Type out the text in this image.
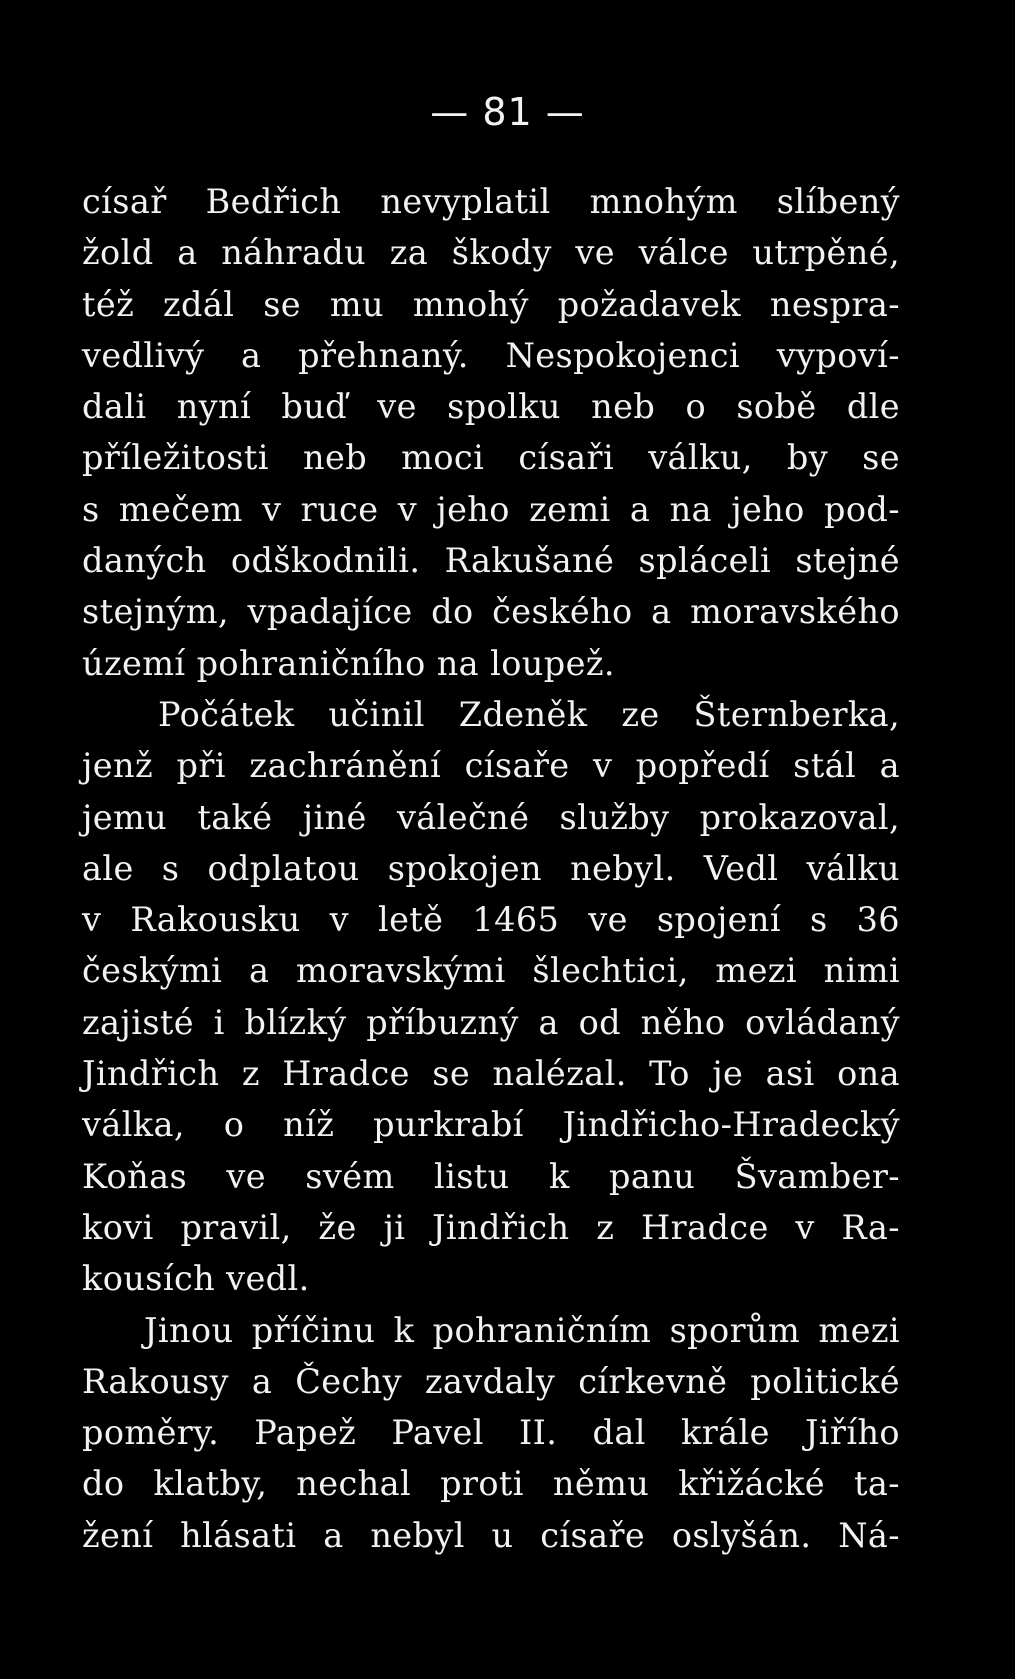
— 81 —
císař Bedřich nevyplatil mnohým slíbený
žold a náhradu za škody ve válce utrpěné,
též zdál se mu mnohý požadavek nespra-
vedlivý a přehnaný. Nespokojenci vypoví-
dali nyní buď ve spolku neb o sobě dle
příležitosti neb moci císaři válku, by se
s mečem v ruce v jeho zemi a na jeho pod-
daných odškodnili. Rakušané spláceli stejné
stejným, vpadajíce do českého a moravského
území pohraničního na loupež.
Počátek učinil Zdeněk ze Šternberka,
jenž při zachránění císaře v popředí stál a
jemu také jiné válečné služby prokazoval,
ale s odplatou spokojen nebyl. Vedl válku
v Rakousku v letě 1465 ve spojení s 36
českými a moravskými šlechtici, mezi nimi
zajisté i blízký příbuzný a od něho ovládaný
Jindřich z Hradce se nalézal. To je asi ona
válka, o níž purkrabí Jindřicho-Hradecký
Koňas ve svém listu k panu Švamber-
kovi pravil, že ji Jindřich z Hradce v Ra-
kousích vedl.
Jinou příčinu k pohraničním sporům mezi
Rakousy a Čechy zavdaly církevně politické
poměry. Papež Pavel II. dal krále Jiřího
do klatby, nechal proti němu křižácké ta-
žení hlásati a nebyl u císaře oslyšán. Ná-
